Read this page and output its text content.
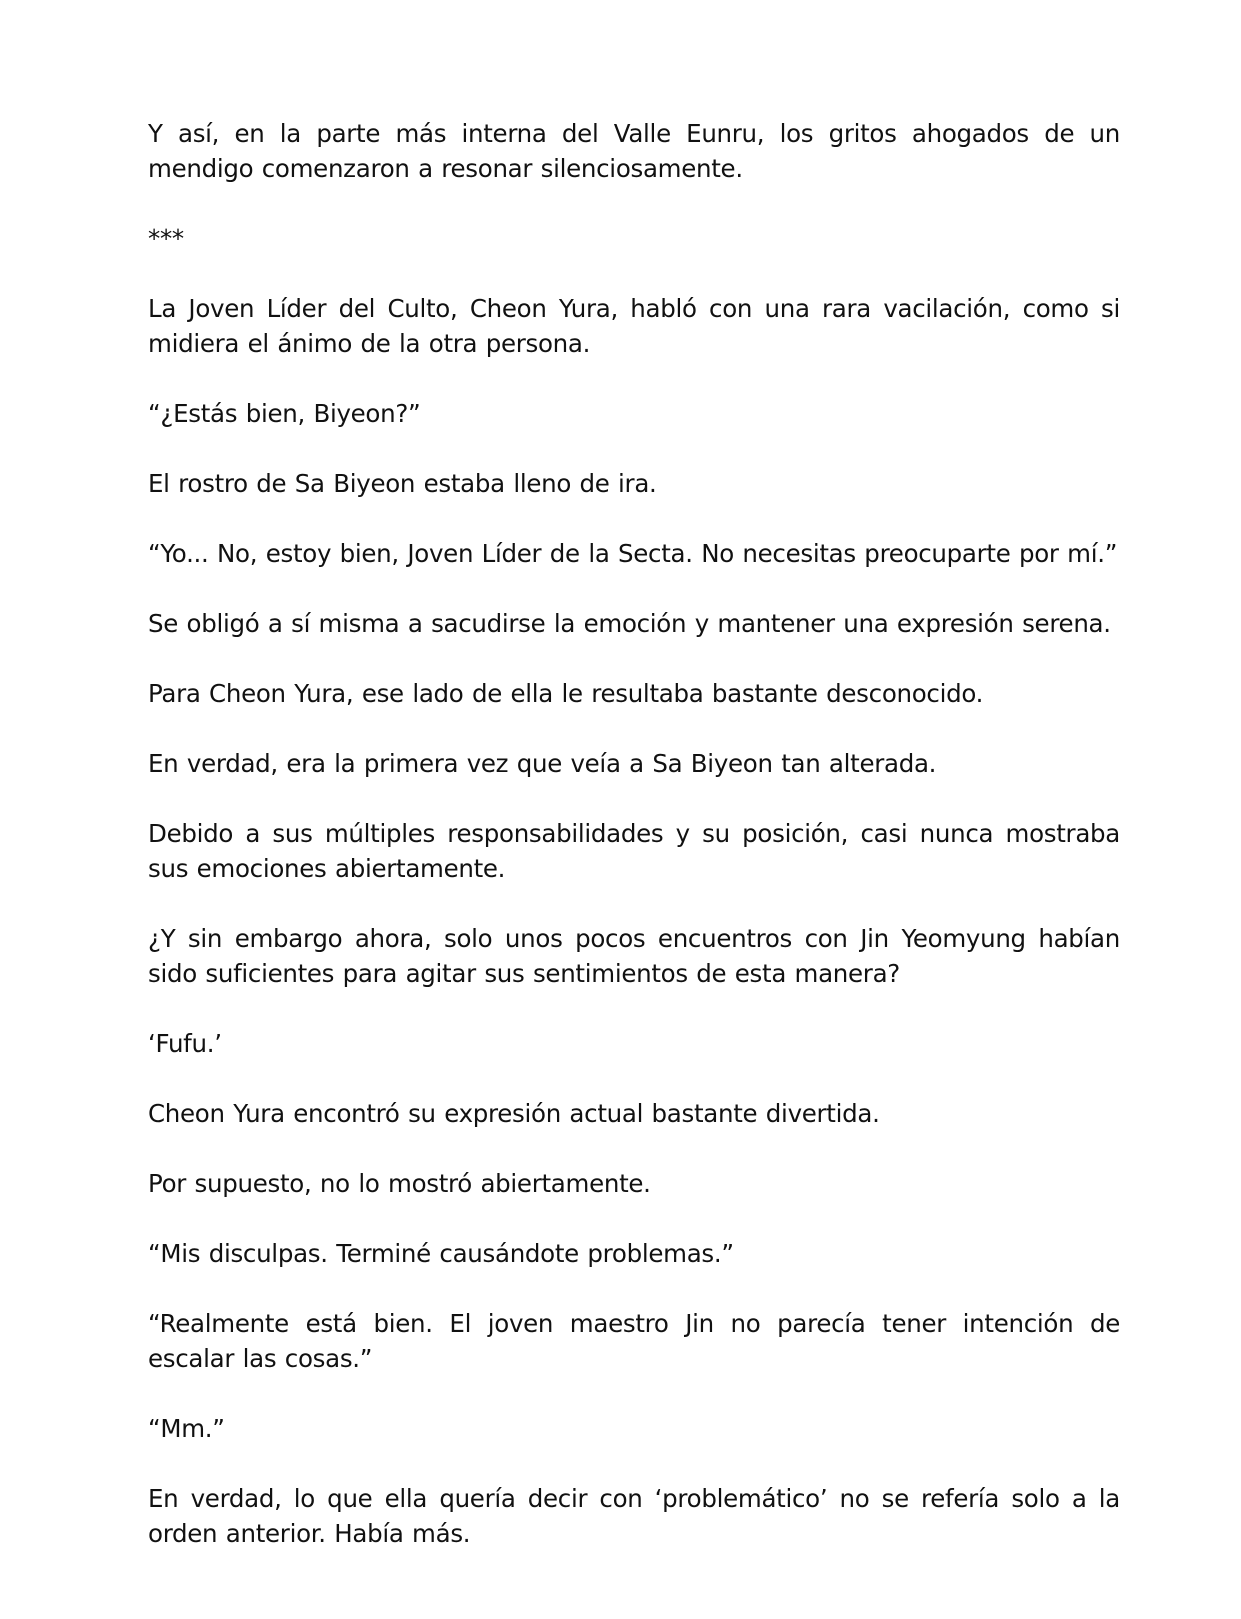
Y así, en la parte más interna del Valle Eunru, los gritos ahogados de un mendigo comenzaron a resonar silenciosamente.

***

La Joven Líder del Culto, Cheon Yura, habló con una rara vacilación, como si midiera el ánimo de la otra persona.

“¿Estás bien, Biyeon?”

El rostro de Sa Biyeon estaba lleno de ira.

“Yo... No, estoy bien, Joven Líder de la Secta. No necesitas preocuparte por mí.”

Se obligó a sí misma a sacudirse la emoción y mantener una expresión serena.

Para Cheon Yura, ese lado de ella le resultaba bastante desconocido.

En verdad, era la primera vez que veía a Sa Biyeon tan alterada.

Debido a sus múltiples responsabilidades y su posición, casi nunca mostraba sus emociones abiertamente.

¿Y sin embargo ahora, solo unos pocos encuentros con Jin Yeomyung habían sido suficientes para agitar sus sentimientos de esta manera?

‘Fufu.’

Cheon Yura encontró su expresión actual bastante divertida.

Por supuesto, no lo mostró abiertamente.

“Mis disculpas. Terminé causándote problemas.”

“Realmente está bien. El joven maestro Jin no parecía tener intención de escalar las cosas.”

“Mm.”

En verdad, lo que ella quería decir con ‘problemático’ no se refería solo a la orden anterior. Había más.
